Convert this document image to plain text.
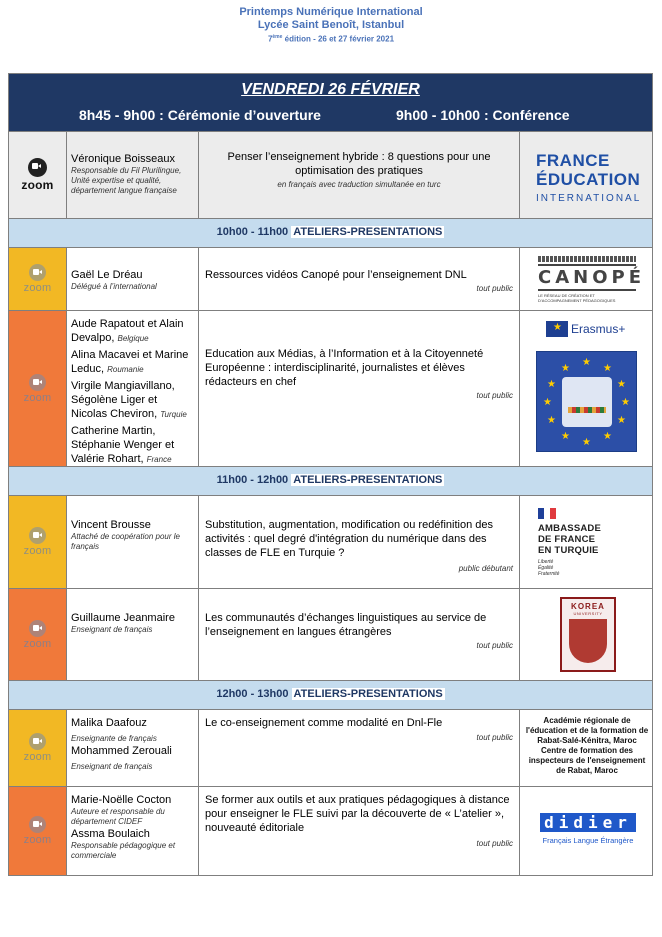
Printemps Numérique International
Lycée Saint Benoît, Istanbul
7ème édition - 26 et 27 février 2021
VENDREDI 26 FÉVRIER
8h45 - 9h00 : Cérémonie d’ouverture	9h00 - 10h00 : Conférence
zoom
Véronique Boisseaux
Responsable du Fil Plurilingue, Unité expertise et qualité, département langue française
Penser l’enseignement hybride : 8 questions pour une optimisation des pratiques
en français avec traduction simultanée en turc
FRANCE
ÉDUCATION
INTERNATIONAL
10h00 - 11h00 ATELIERS-PRESENTATIONS
zoom
Gaël Le Dréau
Délégué à l’international
Ressources vidéos Canopé pour l’enseignement DNL
tout public
CANOPÉ
LE RÉSEAU DE CRÉATION ET D’ACCOMPAGNEMENT PÉDAGOGIQUES
zoom
Aude Rapatout et Alain Devalpo, Belgique
Alina Macavei et Marine Leduc, Roumanie
Virgile Mangiavillano, Ségolène Liger et Nicolas Cheviron, Turquie
Catherine Martin, Stéphanie Wenger et Valérie Rohart, France
Education aux Médias, à l’Information et à la Citoyenneté Européenne : interdisciplinarité, journalistes et élèves rédacteurs en chef
tout public
★
Erasmus+
★
★
★
★
★
★
★
★
★
★
★
★
11h00 - 12h00 ATELIERS-PRESENTATIONS
zoom
Vincent Brousse
Attaché de coopération pour le français
Substitution, augmentation, modification ou redéfinition des activités : quel degré d'intégration du numérique dans des classes de FLE en Turquie ?
public débutant
AMBASSADE
DE FRANCE
EN TURQUIE
Liberté
Égalité
Fraternité
zoom
Guillaume Jeanmaire
Enseignant de français
Les communautés d’échanges linguistiques au service de l’enseignement en langues étrangères
tout public
KOREA
UNIVERSITY
12h00 - 13h00 ATELIERS-PRESENTATIONS
zoom
Malika Daafouz
Enseignante de français
Mohammed Zerouali
Enseignant de français
Le co-enseignement comme modalité en Dnl-Fle
tout public
Académie régionale de l'éducation et de la formation de Rabat-Salé-Kénitra, Maroc Centre de formation des inspecteurs de l'enseignement de Rabat, Maroc
zoom
Marie-Noëlle Cocton
Auteure et responsable du département CIDEF
Assma Boulaich
Responsable pédagogique et commerciale
Se former aux outils et aux pratiques pédagogiques à distance pour enseigner le FLE suivi par la découverte de « L’atelier », nouveauté éditoriale
tout public
didier
Français Langue Étrangère
